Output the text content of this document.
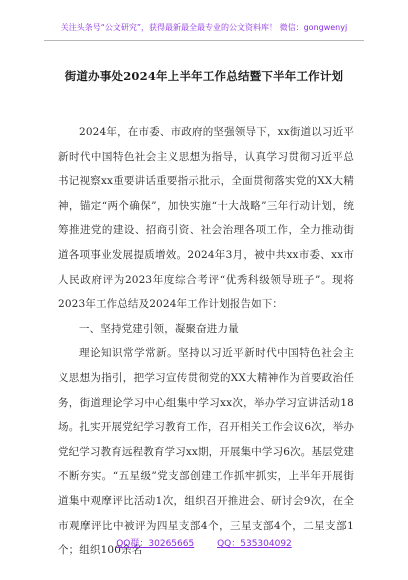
关注头条号“公文研究”，获得最新最全最专业的公文资料库！ 微信：gongwenyj
街道办事处2024年上半年工作总结暨下半年工作计划

2024年，在市委、市政府的坚强领导下，xx街道以习近平新时代中国特色社会主义思想为指导，认真学习贯彻习近平总书记视察xx重要讲话重要指示批示，全面贯彻落实党的XX大精神，锚定“两个确保”，加快实施“十大战略”三年行动计划，统筹推进党的建设、招商引资、社会治理各项工作，全力推动街道各项事业发展提质增效。2024年3月，被中共xx市委、xx市人民政府评为2023年度综合考评“优秀科级领导班子”。现将2023年工作总结及2024年工作计划报告如下：

一、坚持党建引领，凝聚奋进力量

理论知识常学常新。坚持以习近平新时代中国特色社会主义思想为指引，把学习宣传贯彻党的XX大精神作为首要政治任务，街道理论学习中心组集中学习xx次，举办学习宣讲活动18场。扎实开展党纪学习教育工作，召开相关工作会议6次，举办党纪学习教育远程教育学习xx期，开展集中学习6次。基层党建不断夯实。“五星级”党支部创建工作抓牢抓实，上半年开展街道集中观摩评比活动1次，组织召开推进会、研讨会9次，在全市观摩评比中被评为四星支部4个，三星支部4个，二星支部1个；组织100余名

QQ群：30265665	QQ：535304092
